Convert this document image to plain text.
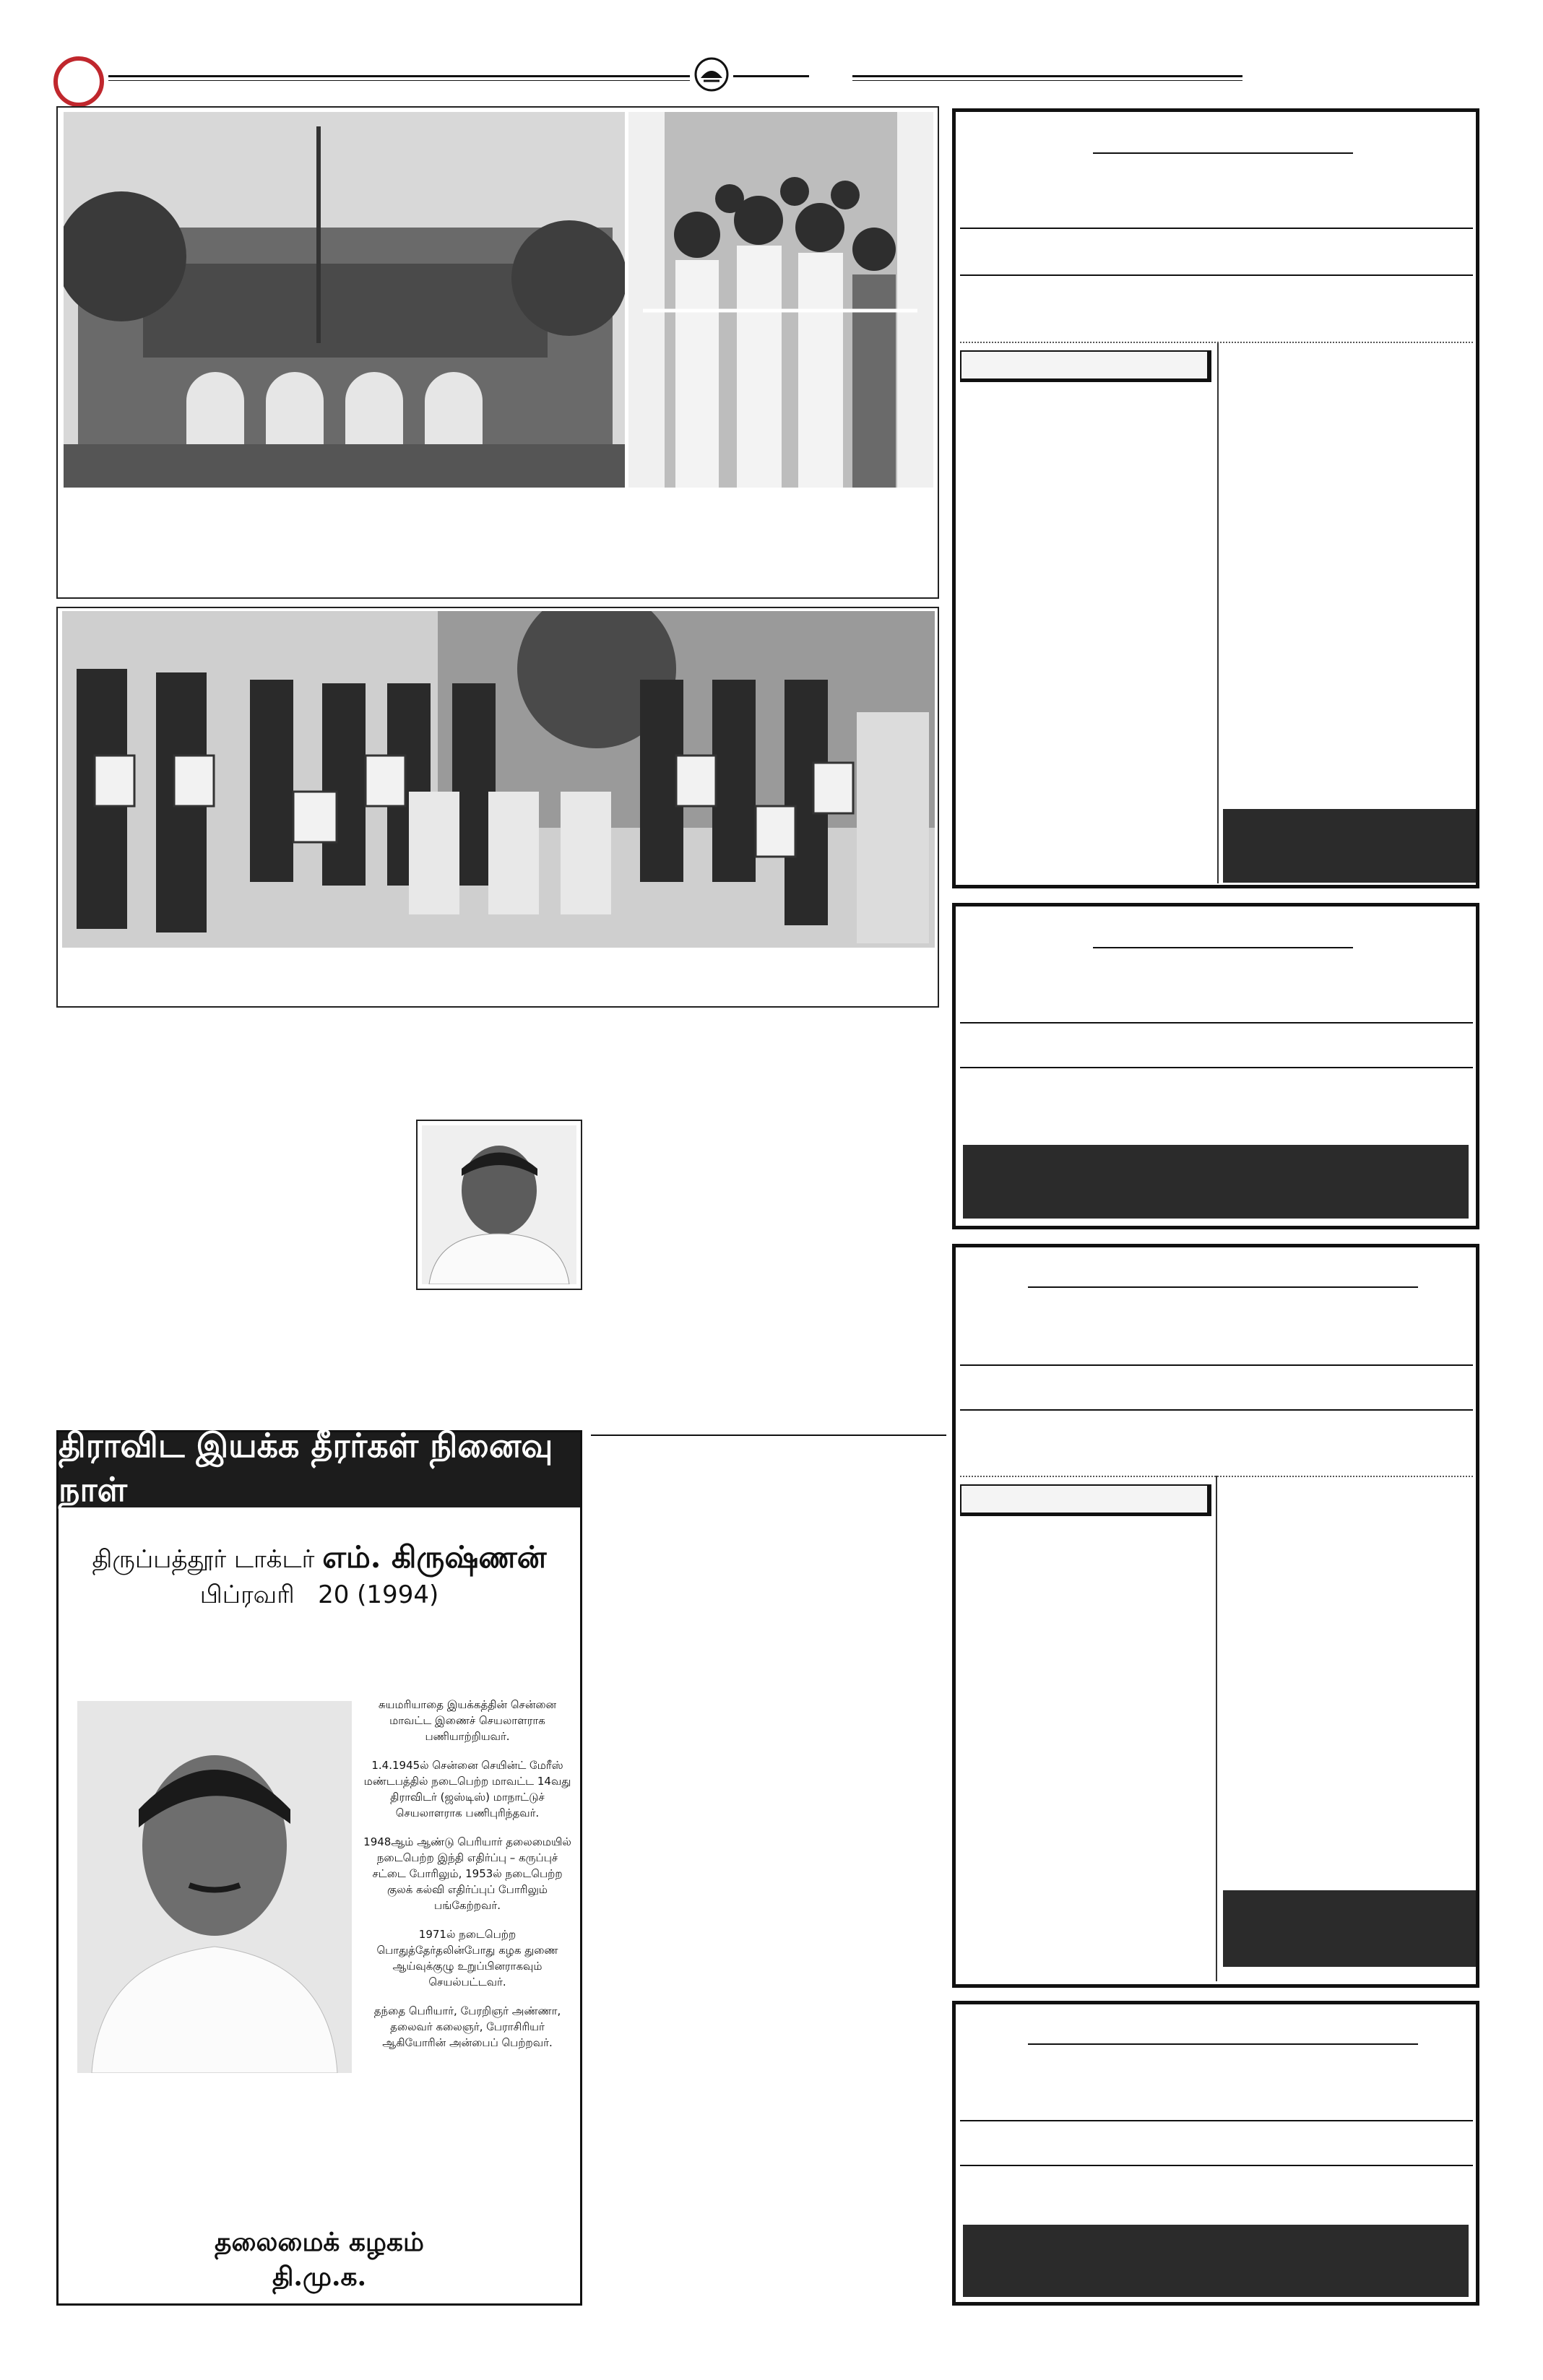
திராவிட இயக்க தீரர்கள் நினைவு நாள்
திருப்பத்தூர் டாக்டர் எம். கிருஷ்ணன்
பிப்ரவரி   20 (1994)

சுயமரியாதை இயக்கத்தின் சென்னை மாவட்ட இணைச் செயலாளராக பணியாற்றியவர்.

1.4.1945ல் சென்னை செயின்ட் மேரீஸ் மண்டபத்தில் நடைபெற்ற மாவட்ட 14வது திராவிடர் (ஜஸ்டிஸ்) மாநாட்டுச் செயலாளராக பணிபுரிந்தவர்.

1948ஆம் ஆண்டு பெரியார் தலைமையில் நடைபெற்ற இந்தி எதிர்ப்பு – கருப்புச் சட்டை போரிலும், 1953ல் நடைபெற்ற குலக் கல்வி எதிர்ப்புப் போரிலும் பங்கேற்றவர்.

1971ல் நடைபெற்ற பொதுத்தேர்தலின்போது கழக துணை ஆய்வுக்குழு உறுப்பினராகவும் செயல்பட்டவர்.

தந்தை பெரியார், பேரறிஞர் அண்ணா, தலைவர் கலைஞர், பேராசிரியர் ஆகியோரின் அன்பைப் பெற்றவர்.

தலைமைக் கழகம்
தி.மு.க.
